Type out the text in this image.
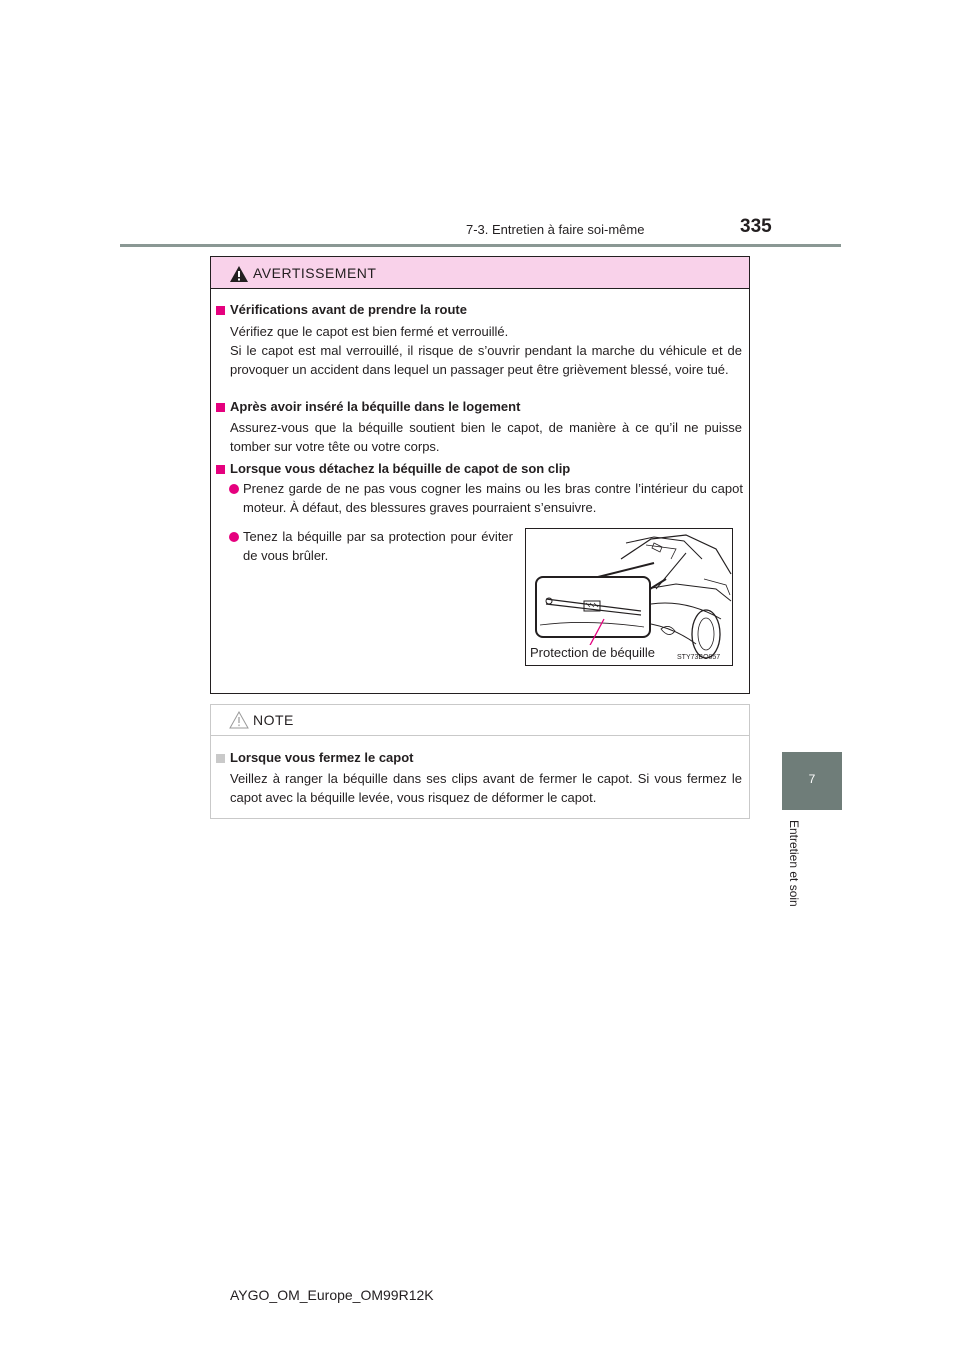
7-3. Entretien à faire soi-même	335
7
Entretien et soin
AVERTISSEMENT
Vérifications avant de prendre la route
Vérifiez que le capot est bien fermé et verrouillé.
Si le capot est mal verrouillé, il risque de s’ouvrir pendant la marche du véhicule et de provoquer un accident dans lequel un passager peut être grièvement blessé, voire tué.
Après avoir inséré la béquille dans le logement
Assurez-vous que la béquille soutient bien le capot, de manière à ce qu’il ne puisse tomber sur votre tête ou votre corps.
Lorsque vous détachez la béquille de capot de son clip
Prenez garde de ne pas vous cogner les mains ou les bras contre l’intérieur du capot moteur. À défaut, des blessures graves pourraient s’ensuivre.
Tenez la béquille par sa protection pour éviter de vous brûler.
Protection de béquille	STY73BO057
NOTE
Lorsque vous fermez le capot
Veillez à ranger la béquille dans ses clips avant de fermer le capot. Si vous fermez le capot avec la béquille levée, vous risquez de déformer le capot.
AYGO_OM_Europe_OM99R12K
